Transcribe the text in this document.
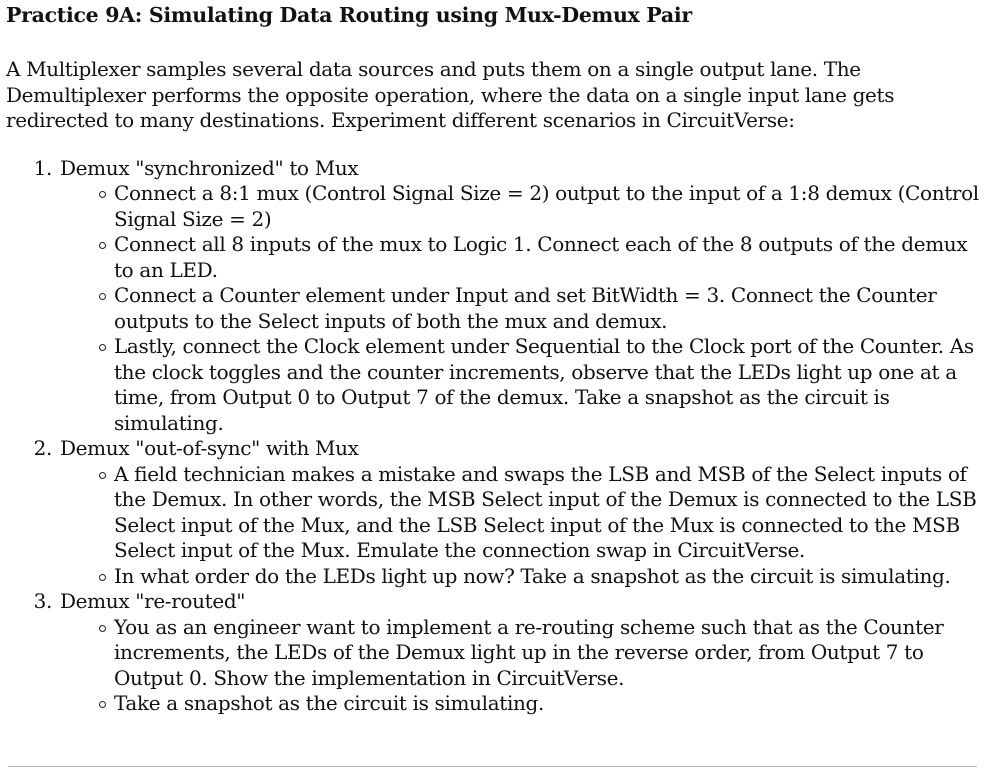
Practice 9A: Simulating Data Routing using Mux-Demux Pair

A Multiplexer samples several data sources and puts them on a single output lane. The Demultiplexer performs the opposite operation, where the data on a single input lane gets redirected to many destinations. Experiment different scenarios in CircuitVerse:

1. Demux "synchronized" to Mux
Connect a 8:1 mux (Control Signal Size = 2) output to the input of a 1:8 demux (Control Signal Size = 2)
Connect all 8 inputs of the mux to Logic 1. Connect each of the 8 outputs of the demux to an LED.
Connect a Counter element under Input and set BitWidth = 3. Connect the Counter outputs to the Select inputs of both the mux and demux.
Lastly, connect the Clock element under Sequential to the Clock port of the Counter. As the clock toggles and the counter increments, observe that the LEDs light up one at a time, from Output 0 to Output 7 of the demux. Take a snapshot as the circuit is simulating.
2. Demux "out-of-sync" with Mux
A field technician makes a mistake and swaps the LSB and MSB of the Select inputs of the Demux. In other words, the MSB Select input of the Demux is connected to the LSB Select input of the Mux, and the LSB Select input of the Mux is connected to the MSB Select input of the Mux. Emulate the connection swap in CircuitVerse.
In what order do the LEDs light up now? Take a snapshot as the circuit is simulating.
3. Demux "re-routed"
You as an engineer want to implement a re-routing scheme such that as the Counter increments, the LEDs of the Demux light up in the reverse order, from Output 7 to Output 0. Show the implementation in CircuitVerse.
Take a snapshot as the circuit is simulating.
